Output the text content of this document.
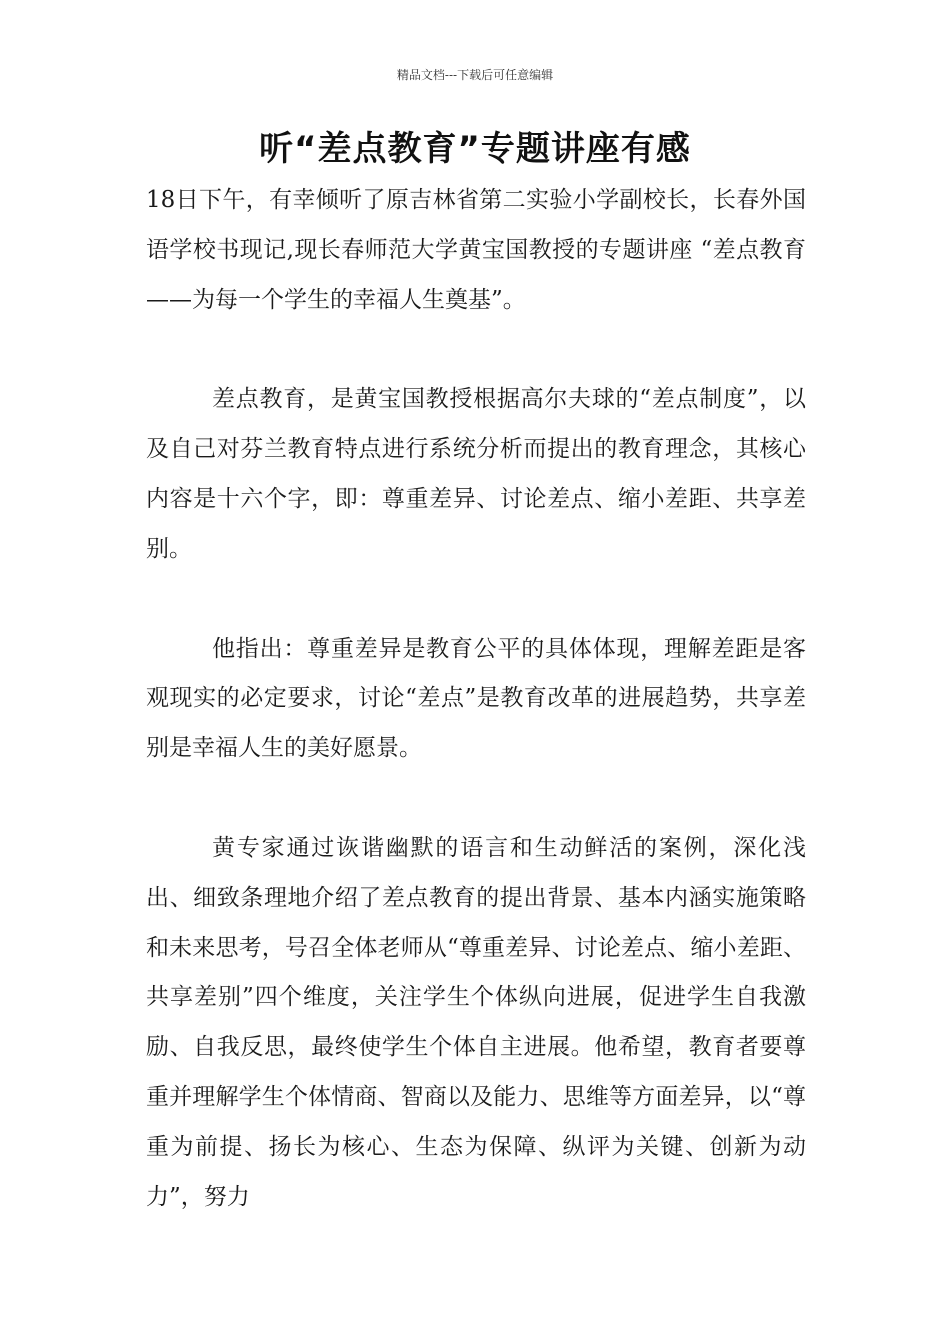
精品文档---下载后可任意编辑
听“差点教育”专题讲座有感

18日下午，有幸倾听了原吉林省第二实验小学副校长，长春外国语学校书现记,现长春师范大学黄宝国教授的专题讲座 “差点教育——为每一个学生的幸福人生奠基”。

差点教育，是黄宝国教授根据高尔夫球的“差点制度”，以及自己对芬兰教育特点进行系统分析而提出的教育理念，其核心内容是十六个字，即：尊重差异、讨论差点、缩小差距、共享差别。

他指出：尊重差异是教育公平的具体体现，理解差距是客观现实的必定要求，讨论“差点”是教育改革的进展趋势，共享差别是幸福人生的美好愿景。

黄专家通过诙谐幽默的语言和生动鲜活的案例，深化浅出、细致条理地介绍了差点教育的提出背景、基本内涵实施策略和未来思考，号召全体老师从“尊重差异、讨论差点、缩小差距、共享差别”四个维度，关注学生个体纵向进展，促进学生自我激励、自我反思，最终使学生个体自主进展。他希望，教育者要尊重并理解学生个体情商、智商以及能力、思维等方面差异，以“尊重为前提、扬长为核心、生态为保障、纵评为关键、创新为动力”，努力
